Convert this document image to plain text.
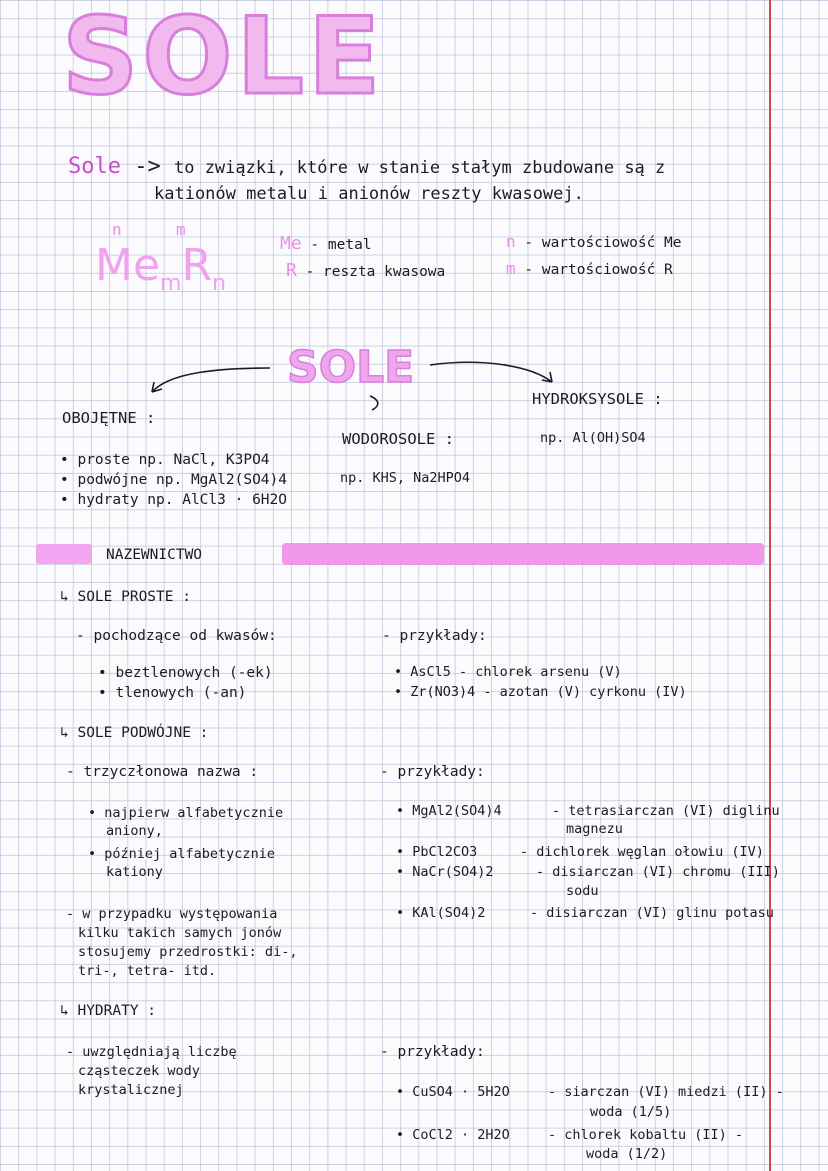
SOLE
Sole -> to związki, które w stanie stałym zbudowane są z
kationów metalu i anionów reszty kwasowej.
n	m
$Me_mR_n$
Me - metal
R - reszta kwasowa
n - wartościowość Me
m - wartościowość R
SOLE
OBOJĘTNE :
• proste np. NaCl, K3PO4
• podwójne np. MgAl2(SO4)4
• hydraty np. AlCl3 · 6H2O
WODOROSOLE :
np. KHS, Na2HPO4
HYDROKSYSOLE :
np. Al(OH)SO4
NAZEWNICTWO
↳ SOLE PROSTE :
- pochodzące od kwasów:
• beztlenowych (-ek)
• tlenowych (-an)
- przykłady:
• AsCl5 - chlorek arsenu (V)
• Zr(NO3)4 - azotan (V) cyrkonu (IV)
↳ SOLE PODWÓJNE :
- trzyczłonowa nazwa :
• najpierw alfabetycznie
aniony,
• później alfabetycznie
kationy
- w przypadku występowania
kilku takich samych jonów
stosujemy przedrostki: di-,
tri-, tetra- itd.
- przykłady:
• MgAl2(SO4)4	- tetrasiarczan (VI) diglinu
magnezu
• PbCl2CO3	- dichlorek węglan ołowiu (IV)
• NaCr(SO4)2	- disiarczan (VI) chromu (III)
sodu
• KAl(SO4)2	- disiarczan (VI) glinu potasu
↳ HYDRATY :
- uwzględniają liczbę
cząsteczek wody
krystalicznej
- przykłady:
• CuSO4 · 5H2O	- siarczan (VI) miedzi (II) -
woda (1/5)
• CoCl2 · 2H2O	- chlorek kobaltu (II) -
woda (1/2)
